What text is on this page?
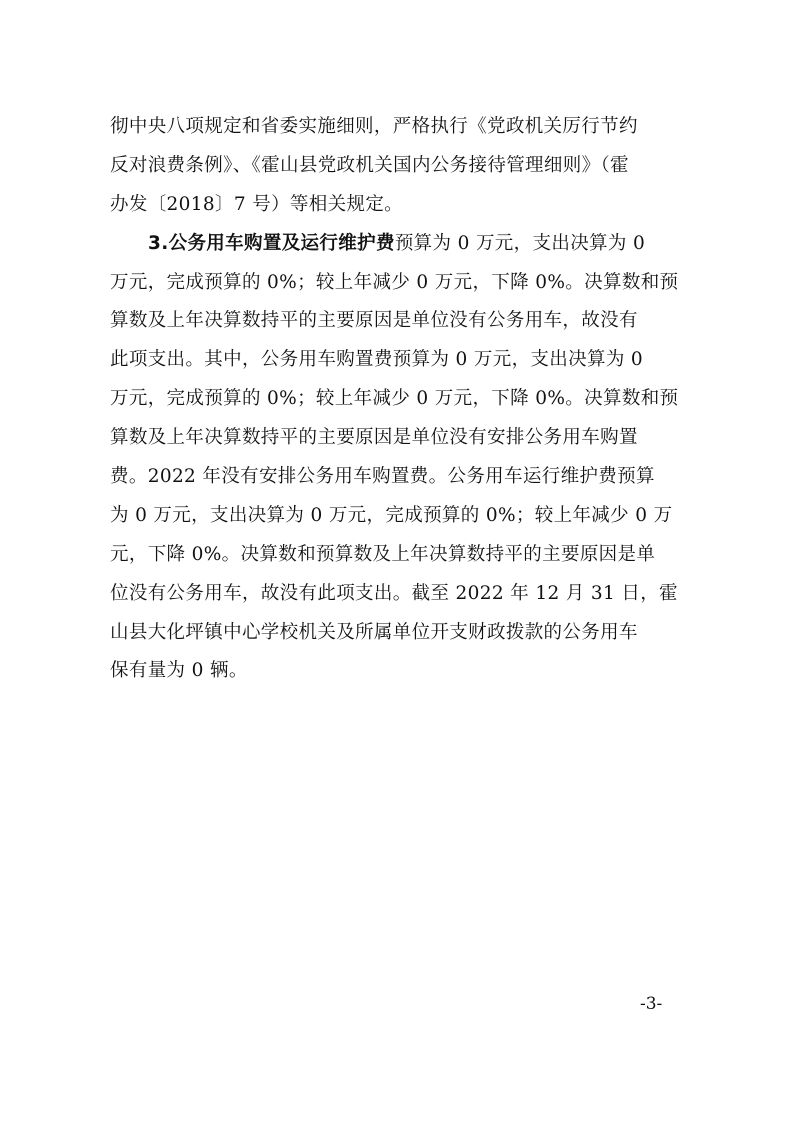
彻中央八项规定和省委实施细则，严格执行《党政机关厉行节约
反对浪费条例》、《霍山县党政机关国内公务接待管理细则》（霍
办发〔2018〕7 号）等相关规定。
3.公务用车购置及运行维护费预算为 0 万元，支出决算为 0
万元，完成预算的 0%；较上年减少 0 万元，下降 0%。决算数和预
算数及上年决算数持平的主要原因是单位没有公务用车，故没有
此项支出。其中，公务用车购置费预算为 0 万元，支出决算为 0
万元，完成预算的 0%；较上年减少 0 万元，下降 0%。决算数和预
算数及上年决算数持平的主要原因是单位没有安排公务用车购置
费。2022 年没有安排公务用车购置费。公务用车运行维护费预算
为 0 万元，支出决算为 0 万元，完成预算的 0%；较上年减少 0 万
元，下降 0%。决算数和预算数及上年决算数持平的主要原因是单
位没有公务用车，故没有此项支出。截至 2022 年 12 月 31 日，霍
山县大化坪镇中心学校机关及所属单位开支财政拨款的公务用车
保有量为 0 辆。
-3-
